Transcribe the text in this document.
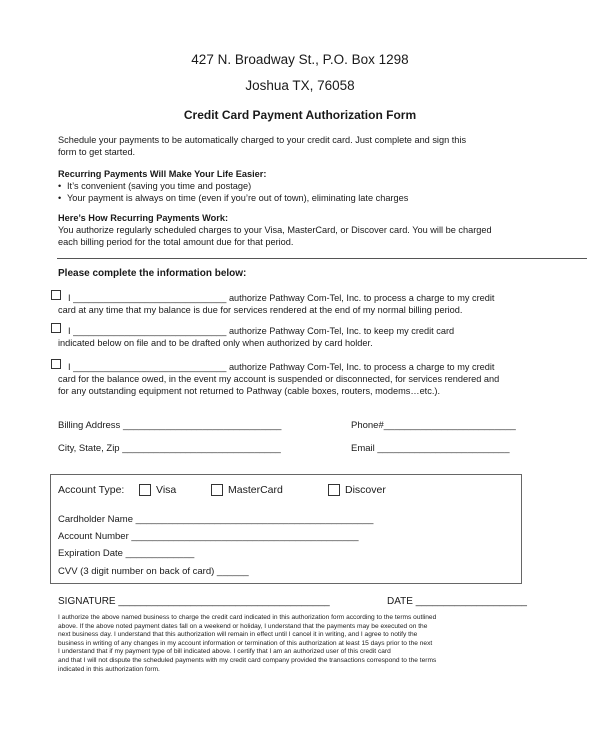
427 N. Broadway St., P.O. Box 1298
Joshua TX, 76058
Credit Card Payment Authorization Form
Schedule your payments to be automatically charged to your credit card. Just complete and sign this
form to get started.
Recurring Payments Will Make Your Life Easier:
• It’s convenient (saving you time and postage)
• Your payment is always on time (even if you’re out of town), eliminating late charges
Here’s How Recurring Payments Work:
You authorize regularly scheduled charges to your Visa, MasterCard, or Discover card. You will be charged
each billing period for the total amount due for that period.
Please complete the information below:
I ______________________________ authorize Pathway Com-Tel, Inc. to process a charge to my credit
card at any time that my balance is due for services rendered at the end of my normal billing period.
I ______________________________ authorize Pathway Com-Tel, Inc. to keep my credit card
indicated below on file and to be drafted only when authorized by card holder.
I ______________________________ authorize Pathway Com-Tel, Inc. to process a charge to my credit
card for the balance owed, in the event my account is suspended or disconnected, for services rendered and
for any outstanding equipment not returned to Pathway (cable boxes, routers, modems…etc.).
Billing Address ______________________________	Phone#_________________________
City, State, Zip ______________________________	Email _________________________
Account Type:	Visa	MasterCard	Discover
Cardholder Name _____________________________________________
Account Number ___________________________________________
Expiration Date _____________
CVV (3 digit number on back of card) ______
SIGNATURE ______________________________________	DATE ____________________
I authorize the above named business to charge the credit card indicated in this authorization form according to the terms outlined
above. If the above noted payment dates fall on a weekend or holiday, I understand that the payments may be executed on the
next business day. I understand that this authorization will remain in effect until I cancel it in writing, and I agree to notify the
business in writing of any changes in my account information or termination of this authorization at least 15 days prior to the next
I understand that if my payment type of bill indicated above. I certify that I am an authorized user of this credit card
and that I will not dispute the scheduled payments with my credit card company provided the transactions correspond to the terms
indicated in this authorization form.
